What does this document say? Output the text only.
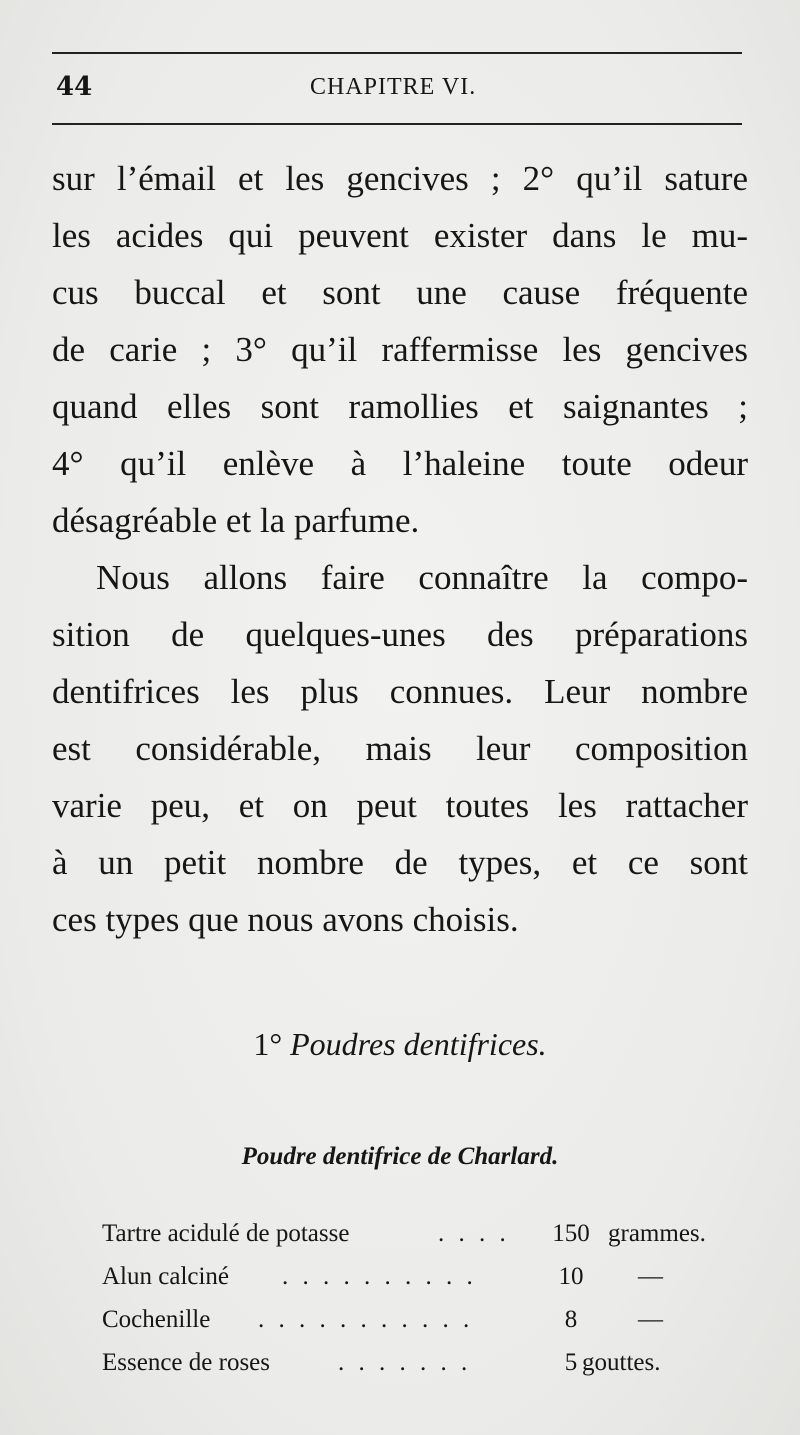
44	CHAPITRE VI.
sur l’émail et les gencives ; 2° qu’il sature
les acides qui peuvent exister dans le mu-
cus buccal et sont une cause fréquente
de carie ; 3° qu’il raffermisse les gencives
quand elles sont ramollies et saignantes ;
4° qu’il enlève à l’haleine toute odeur
désagréable et la parfume.
Nous allons faire connaître la compo-
sition de quelques-unes des préparations
dentifrices les plus connues. Leur nombre
est considérable, mais leur composition
varie peu, et on peut toutes les rattacher
à un petit nombre de types, et ce sont
ces types que nous avons choisis.
1° Poudres dentifrices.
Poudre dentifrice de Charlard.
Tartre acidulé de potasse	. . . . 150 grammes.
Alun calciné . . . . . . . . . .	10	—
Cochenille . . . . . . . . . . .	8	—
Essence de roses	. . . . . . .	5 gouttes.
